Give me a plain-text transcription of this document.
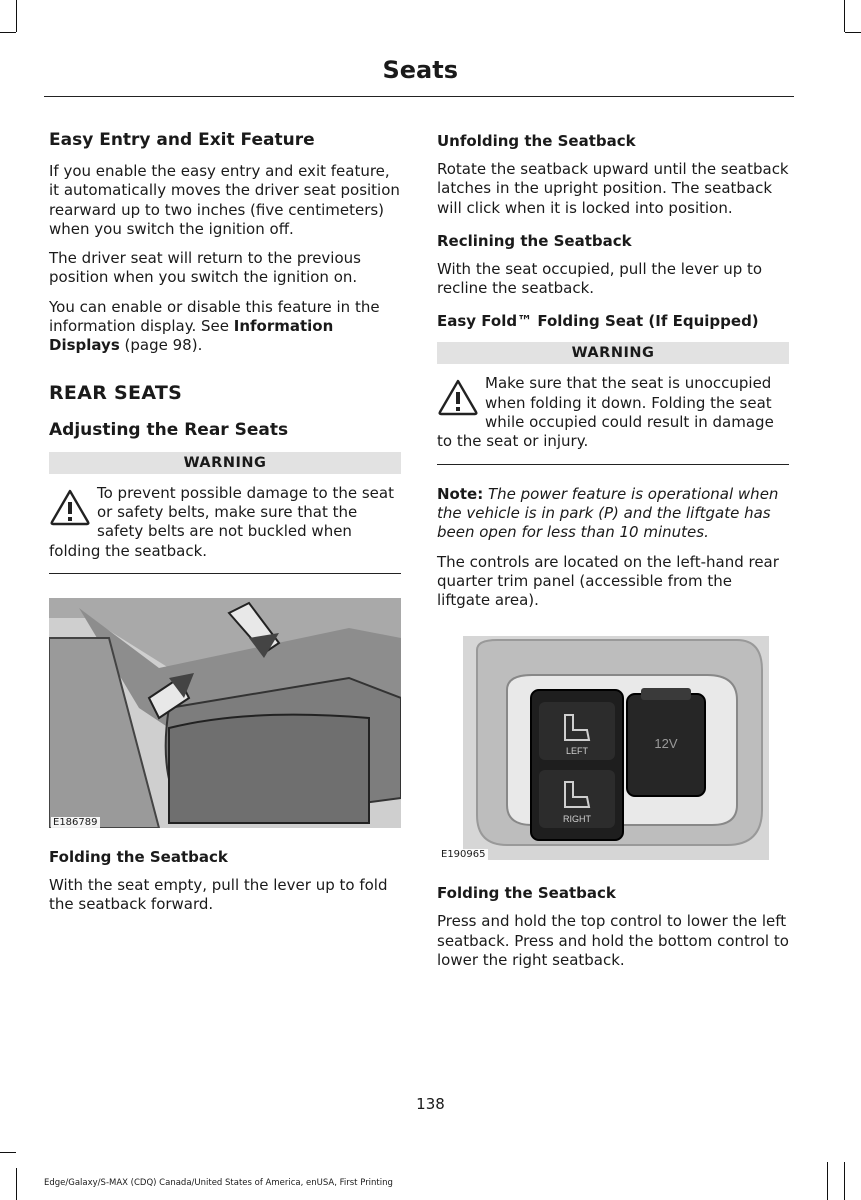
Seats
Easy Entry and Exit Feature

If you enable the easy entry and exit feature, it automatically moves the driver seat position rearward up to two inches (five centimeters) when you switch the ignition off.

The driver seat will return to the previous position when you switch the ignition on.

You can enable or disable this feature in the information display. See Information Displays (page 98).

REAR SEATS
Adjusting the Rear Seats
WARNING

To prevent possible damage to the seat or safety belts, make sure that the safety belts are not buckled when folding the seatback.

E186789
Folding the Seatback

With the seat empty, pull the lever up to fold the seatback forward.

Unfolding the Seatback

Rotate the seatback upward until the seatback latches in the upright position. The seatback will click when it is locked into position.

Reclining the Seatback

With the seat occupied, pull the lever up to recline the seatback.

Easy Fold™ Folding Seat (If Equipped)
WARNING

Make sure that the seat is unoccupied when folding it down. Folding the seat while occupied could result in damage to the seat or injury.

Note: The power feature is operational when the vehicle is in park (P) and the liftgate has been open for less than 10 minutes.

The controls are located on the left-hand rear quarter trim panel (accessible from the liftgate area).

12V
LEFT
RIGHT
E190965
Folding the Seatback

Press and hold the top control to lower the left seatback. Press and hold the bottom control to lower the right seatback.

138
Edge/Galaxy/S-MAX (CDQ) Canada/United States of America, enUSA, First Printing
